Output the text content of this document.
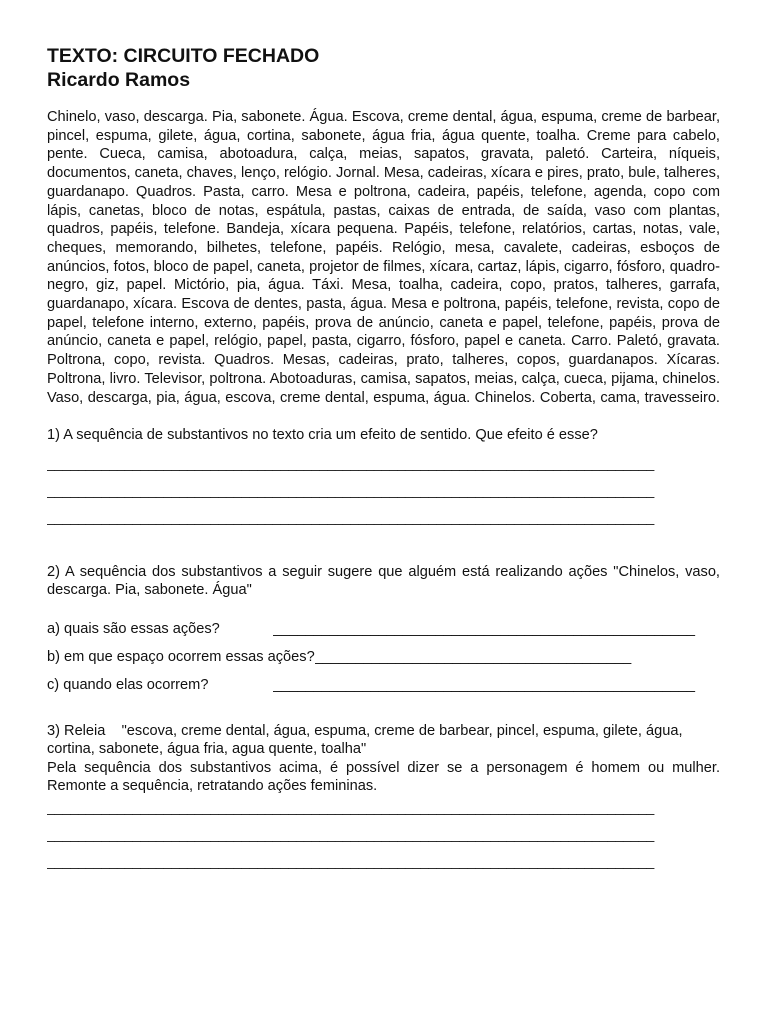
TEXTO: CIRCUITO FECHADO
Ricardo Ramos

Chinelo, vaso, descarga. Pia, sabonete. Água. Escova, creme dental, água, espuma, creme de barbear, pincel, espuma, gilete, água, cortina, sabonete, água fria, água quente, toalha. Creme para cabelo, pente. Cueca, camisa, abotoadura, calça, meias, sapatos, gravata, paletó. Carteira, níqueis, documentos, caneta, chaves, lenço, relógio. Jornal. Mesa, cadeiras, xícara e pires, prato, bule, talheres, guardanapo. Quadros. Pasta, carro. Mesa e poltrona, cadeira, papéis, telefone, agenda, copo com lápis, canetas, bloco de notas, espátula, pastas, caixas de entrada, de saída, vaso com plantas, quadros, papéis, telefone. Bandeja, xícara pequena. Papéis, telefone, relatórios, cartas, notas, vale, cheques, memorando, bilhetes, telefone, papéis. Relógio, mesa, cavalete, cadeiras, esboços de anúncios, fotos, bloco de papel, caneta, projetor de filmes, xícara, cartaz, lápis, cigarro, fósforo, quadro-negro, giz, papel. Mictório, pia, água. Táxi. Mesa, toalha, cadeira, copo, pratos, talheres, garrafa, guardanapo, xícara. Escova de dentes, pasta, água. Mesa e poltrona, papéis, telefone, revista, copo de papel, telefone interno, externo, papéis, prova de anúncio, caneta e papel, telefone, papéis, prova de anúncio, caneta e papel, relógio, papel, pasta, cigarro, fósforo, papel e caneta. Carro. Paletó, gravata. Poltrona, copo, revista. Quadros. Mesas, cadeiras, prato, talheres, copos, guardanapos. Xícaras. Poltrona, livro. Televisor, poltrona. Abotoaduras, camisa, sapatos, meias, calça, cueca, pijama, chinelos. Vaso, descarga, pia, água, escova, creme dental, espuma, água. Chinelos. Coberta, cama, travesseiro.

1) A sequência de substantivos no texto cria um efeito de sentido. Que efeito é esse?
______________________________________________________________________________
______________________________________________________________________________
______________________________________________________________________________
2) A sequência dos substantivos a seguir sugere que alguém está realizando ações "Chinelos, vaso, descarga. Pia, sabonete. Água"
a) quais são essas ações?	____________________________________________________
b) em que espaço ocorrem essas ações? _______________________________________
c) quando elas ocorrem?	____________________________________________________
3) Releia    "escova, creme dental, água, espuma, creme de barbear, pincel, espuma, gilete, água, cortina, sabonete, água fria, agua quente, toalha"
Pela sequência dos substantivos acima, é possível dizer se a personagem é homem ou mulher.  Remonte a sequência, retratando ações femininas.
______________________________________________________________________________
______________________________________________________________________________
______________________________________________________________________________
